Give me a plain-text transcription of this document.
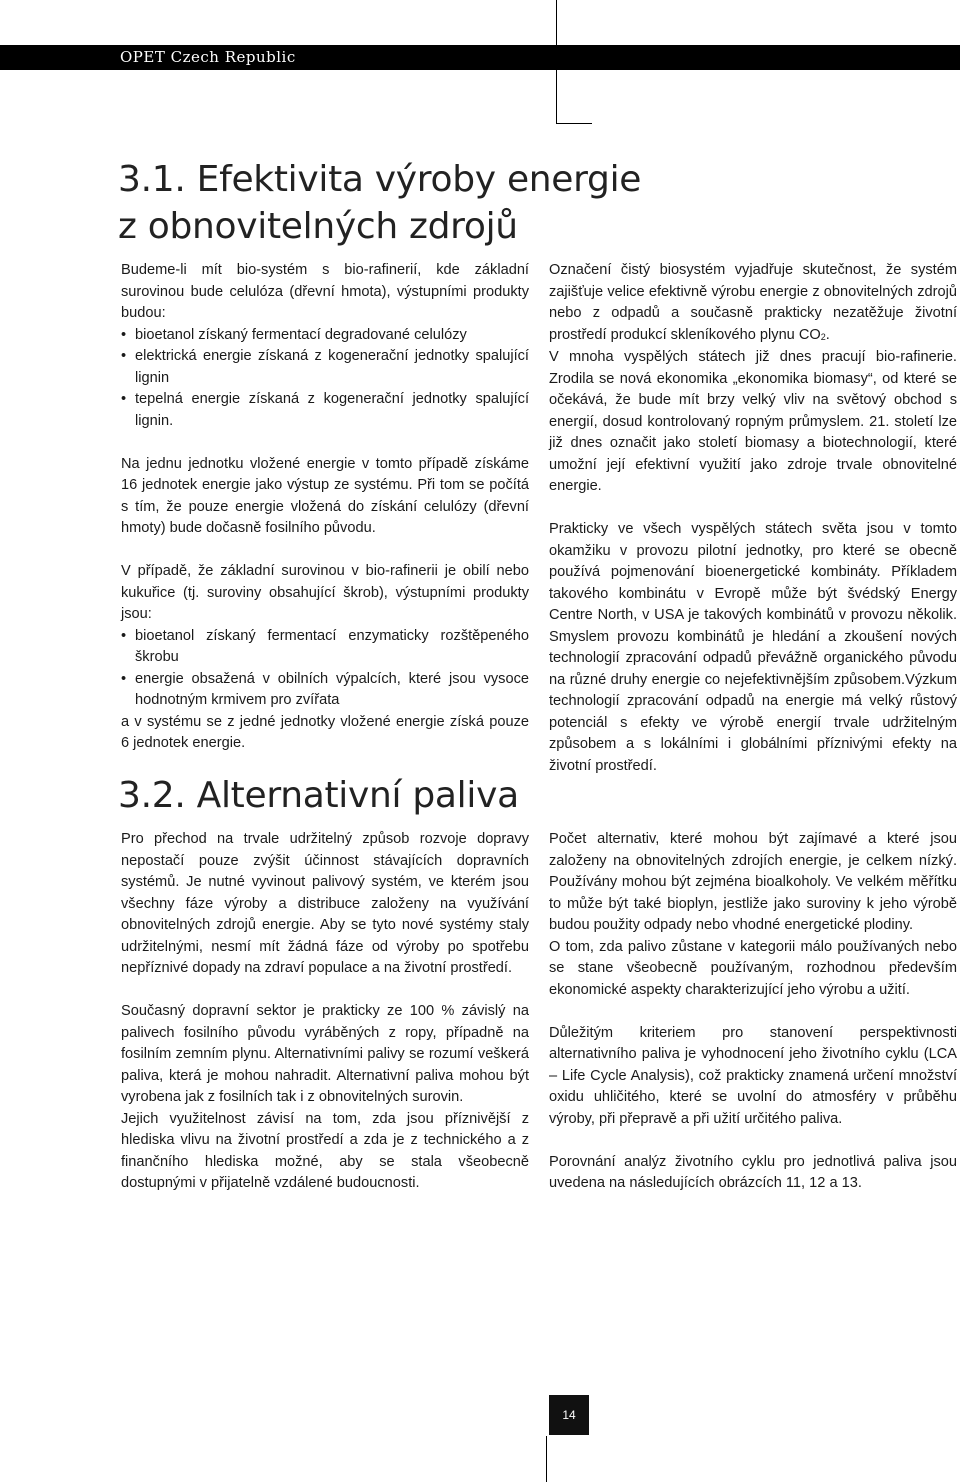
OPET Czech Republic
3.1. Efektivita výroby energie
z obnovitelných zdrojů

Budeme-li mít bio-systém s bio-rafinerií, kde základní surovinou bude celulóza (dřevní hmota), výstupními produkty budou:

• bioetanol získaný fermentací degradované celulózy
• elektrická energie získaná z kogenerační jednotky spalující lignin
• tepelná energie získaná z kogenerační jednotky spalující lignin.

Na jednu jednotku vložené energie v tomto případě získáme 16 jednotek energie jako výstup ze systému. Při tom se počítá s tím, že pouze energie vložená do získání celulózy (dřevní hmoty) bude dočasně fosilního původu.

V případě, že základní surovinou v bio-rafinerii je obilí nebo kukuřice (tj. suroviny obsahující škrob), výstupními produkty jsou:

• bioetanol získaný fermentací enzymaticky rozštěpeného škrobu
• energie obsažená v obilních výpalcích, které jsou vysoce hodnotným krmivem pro zvířata

a v systému se z jedné jednotky vložené energie získá pouze 6 jednotek energie.

Označení čistý biosystém vyjadřuje skutečnost, že systém zajišťuje velice efektivně výrobu energie z obnovitelných zdrojů nebo z odpadů a současně prakticky nezatěžuje životní prostředí produkcí skleníkového plynu $CO_2$.

V mnoha vyspělých státech již dnes pracují bio-rafinerie. Zrodila se nová ekonomika „ekonomika biomasy“, od které se očekává, že bude mít brzy velký vliv na světový obchod s energií, dosud kontrolovaný ropným průmyslem. 21. století lze již dnes označit jako století biomasy a biotechnologií, které umožní její efektivní využití jako zdroje trvale obnovitelné energie.

Prakticky ve všech vyspělých státech světa jsou v tomto okamžiku v provozu pilotní jednotky, pro které se obecně používá pojmenování bioenergetické kombináty. Příkladem takového kombinátu v Evropě může být švédský Energy Centre North, v USA je takových kombinátů v provozu několik. Smyslem provozu kombinátů je hledání a zkoušení nových technologií zpracování odpadů převážně organického původu na různé druhy energie co nejefektivnějším způsobem.Výzkum technologií zpracování odpadů na energie má velký růstový potenciál s efekty ve výrobě energií trvale udržitelným způsobem a s lokálními i globálními příznivými efekty na životní prostředí.

3.2. Alternativní paliva

Pro přechod na trvale udržitelný způsob rozvoje dopravy nepostačí pouze zvýšit účinnost stávajících dopravních systémů. Je nutné vyvinout palivový systém, ve kterém jsou všechny fáze výroby a distribuce založeny na využívání obnovitelných zdrojů energie. Aby se tyto nové systémy staly udržitelnými, nesmí mít žádná fáze od výroby po spotřebu nepříznivé dopady na zdraví populace a na životní prostředí.

Současný dopravní sektor je prakticky ze 100 % závislý na palivech fosilního původu vyráběných z ropy, případně na fosilním zemním plynu. Alternativními palivy se rozumí veškerá paliva, která je mohou nahradit. Alternativní paliva mohou být vyrobena jak z fosilních tak i z obnovitelných surovin.

Jejich využitelnost závisí na tom, zda jsou příznivější z hlediska vlivu na životní prostředí a zda je z technického a z finančního hlediska možné, aby se stala všeobecně dostupnými v přijatelně vzdálené budoucnosti.

Počet alternativ, které mohou být zajímavé a které jsou založeny na obnovitelných zdrojích energie, je celkem nízký. Používány mohou být zejména bioalkoholy. Ve velkém měřítku to může být také bioplyn, jestliže jako suroviny k jeho výrobě budou použity odpady nebo vhodné energetické plodiny.

O tom, zda palivo zůstane v kategorii málo používaných nebo se stane všeobecně používaným, rozhodnou především ekonomické aspekty charakterizující jeho výrobu a užití.

Důležitým kriteriem pro stanovení perspektivnosti alternativního paliva je vyhodnocení jeho životního cyklu (LCA – Life Cycle Analysis), což prakticky znamená určení množství oxidu uhličitého, které se uvolní do atmosféry v průběhu výroby, při přepravě a při užití určitého paliva.

Porovnání analýz životního cyklu pro jednotlivá paliva jsou uvedena na následujících obrázcích 11, 12 a 13.

14
